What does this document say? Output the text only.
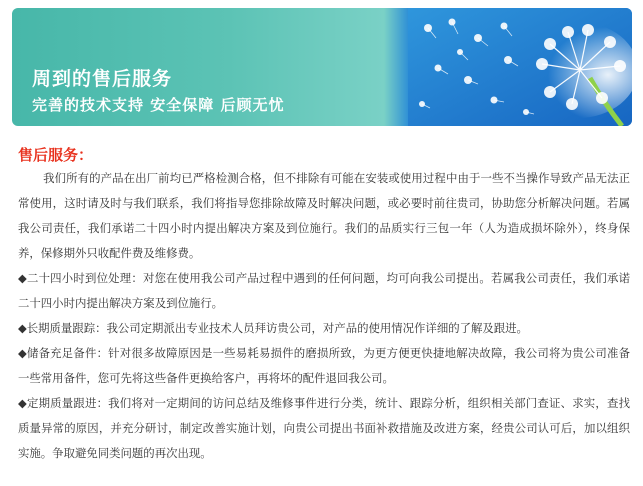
周到的售后服务
完善的技术支持 安全保障 后顾无忧
售后服务：

我们所有的产品在出厂前均已严格检测合格，但不排除有可能在安装或使用过程中由于一些不当操作导致产品无法正常使用，这时请及时与我们联系，我们将指导您排除故障及时解决问题，或必要时前往贵司，协助您分析解决问题。若属我公司责任，我们承诺二十四小时内提出解决方案及到位施行。我们的品质实行三包一年（人为造成损坏除外），终身保养，保修期外只收配件费及维修费。

◆二十四小时到位处理：对您在使用我公司产品过程中遇到的任何问题，均可向我公司提出。若属我公司责任，我们承诺二十四小时内提出解决方案及到位施行。

◆长期质量跟踪：我公司定期派出专业技术人员拜访贵公司，对产品的使用情况作详细的了解及跟进。

◆储备充足备件：针对很多故障原因是一些易耗易损件的磨损所致，为更方便更快捷地解决故障，我公司将为贵公司准备一些常用备件，您可先将这些备件更换给客户，再将坏的配件退回我公司。

◆定期质量跟进：我们将对一定期间的访问总结及维修事件进行分类，统计、跟踪分析，组织相关部门查证、求实，查找质量异常的原因，并充分研讨，制定改善实施计划，向贵公司提出书面补救措施及改进方案，经贵公司认可后，加以组织实施。争取避免同类问题的再次出现。
